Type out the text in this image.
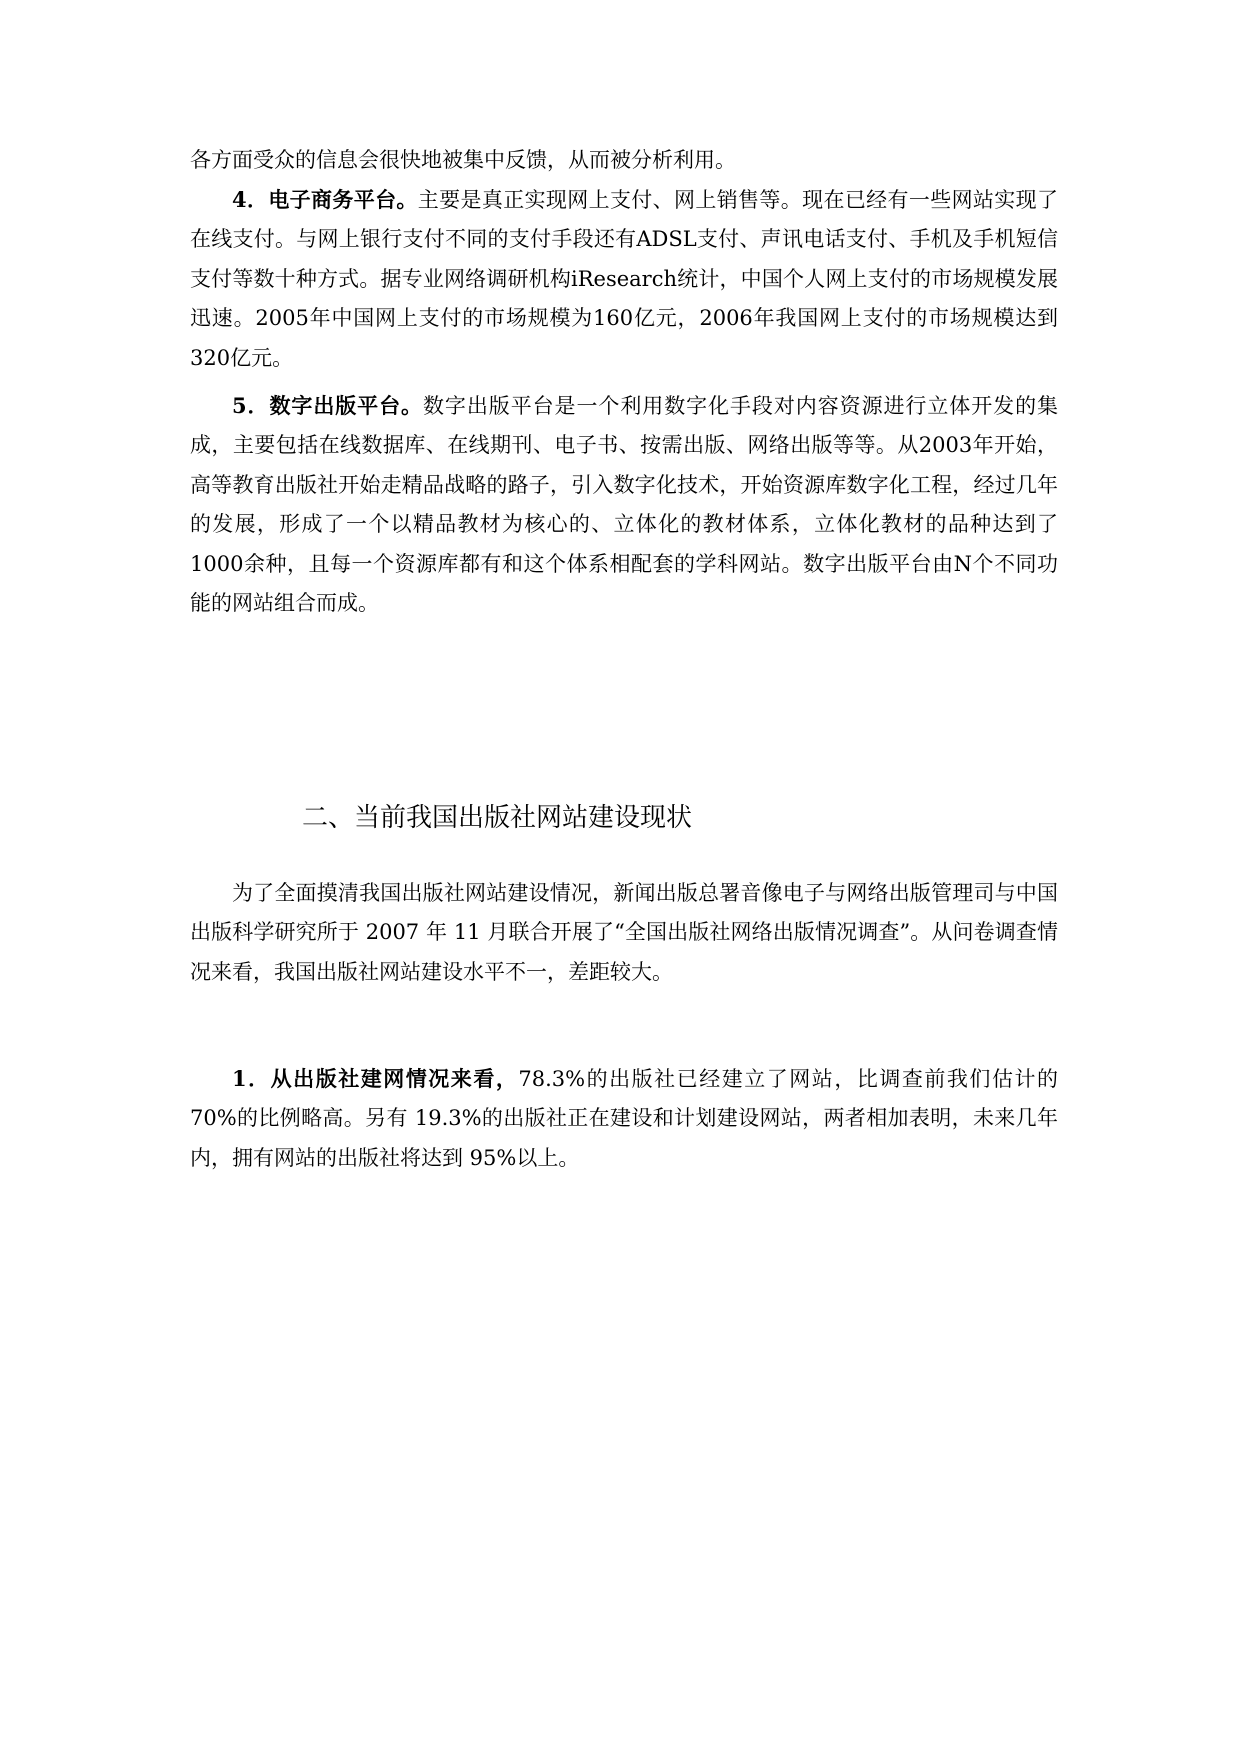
各方面受众的信息会很快地被集中反馈，从而被分析利用。

4．电子商务平台。主要是真正实现网上支付、网上销售等。现在已经有一些网站实现了在线支付。与网上银行支付不同的支付手段还有ADSL支付、声讯电话支付、手机及手机短信支付等数十种方式。据专业网络调研机构iResearch统计，中国个人网上支付的市场规模发展迅速。2005年中国网上支付的市场规模为160亿元，2006年我国网上支付的市场规模达到320亿元。

5．数字出版平台。数字出版平台是一个利用数字化手段对内容资源进行立体开发的集成，主要包括在线数据库、在线期刊、电子书、按需出版、网络出版等等。从2003年开始，高等教育出版社开始走精品战略的路子，引入数字化技术，开始资源库数字化工程，经过几年的发展，形成了一个以精品教材为核心的、立体化的教材体系，立体化教材的品种达到了1000余种，且每一个资源库都有和这个体系相配套的学科网站。数字出版平台由N个不同功能的网站组合而成。

二、当前我国出版社网站建设现状

为了全面摸清我国出版社网站建设情况，新闻出版总署音像电子与网络出版管理司与中国出版科学研究所于 2007 年 11 月联合开展了“全国出版社网络出版情况调查”。从问卷调查情况来看，我国出版社网站建设水平不一，差距较大。

1．从出版社建网情况来看，78.3%的出版社已经建立了网站，比调查前我们估计的 70%的比例略高。另有 19.3%的出版社正在建设和计划建设网站，两者相加表明，未来几年内，拥有网站的出版社将达到 95%以上。
